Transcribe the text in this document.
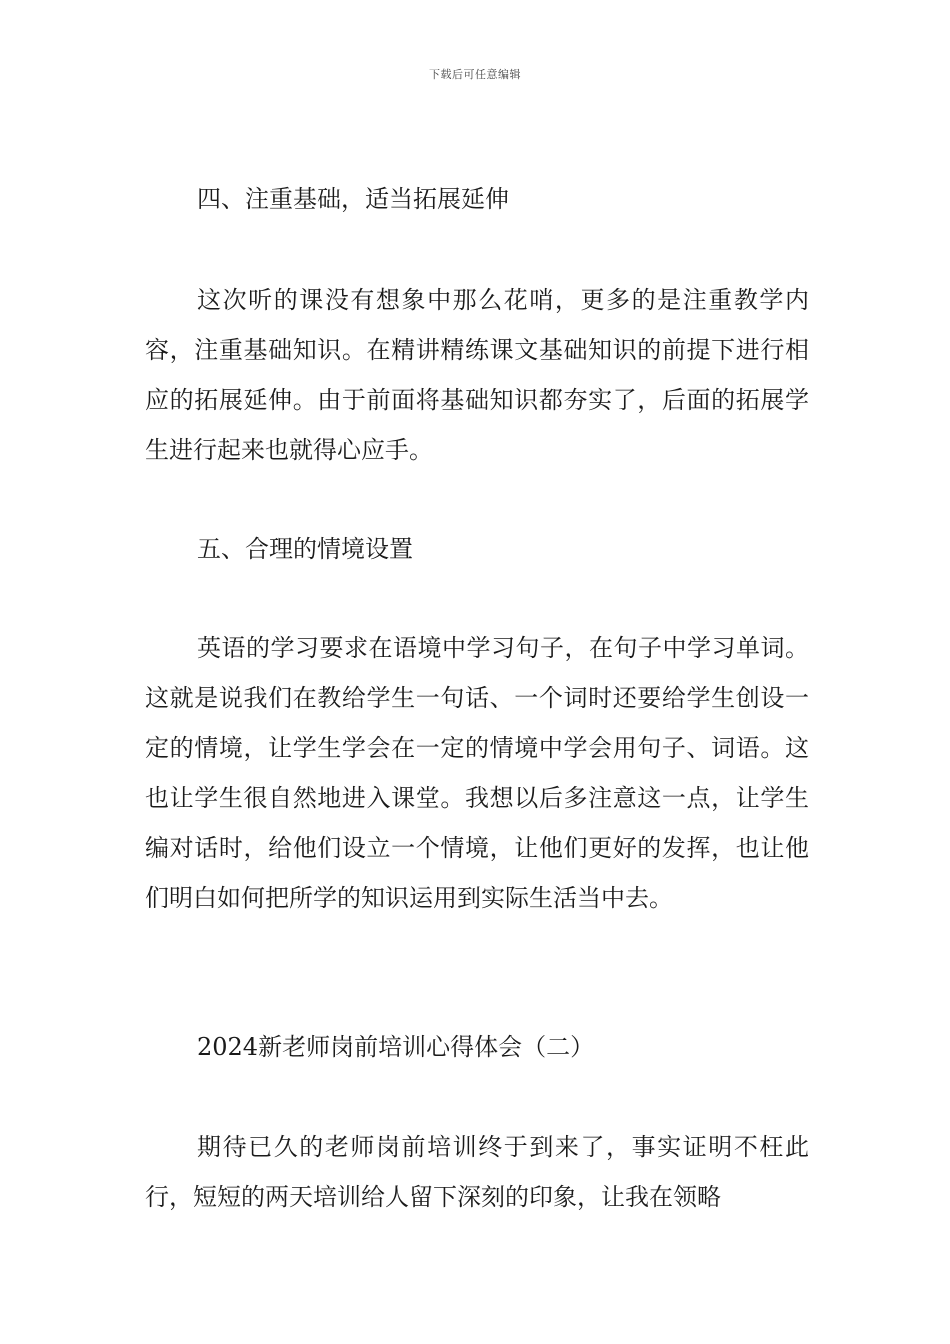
下载后可任意编辑
四、注重基础，适当拓展延伸
这次听的课没有想象中那么花哨，更多的是注重教学内容，注重基础知识。在精讲精练课文基础知识的前提下进行相应的拓展延伸。由于前面将基础知识都夯实了，后面的拓展学生进行起来也就得心应手。
五、合理的情境设置
英语的学习要求在语境中学习句子，在句子中学习单词。这就是说我们在教给学生一句话、一个词时还要给学生创设一定的情境，让学生学会在一定的情境中学会用句子、词语。这也让学生很自然地进入课堂。我想以后多注意这一点，让学生编对话时，给他们设立一个情境，让他们更好的发挥，也让他们明白如何把所学的知识运用到实际生活当中去。
2024新老师岗前培训心得体会（二）
期待已久的老师岗前培训终于到来了，事实证明不枉此行，短短的两天培训给人留下深刻的印象，让我在领略
